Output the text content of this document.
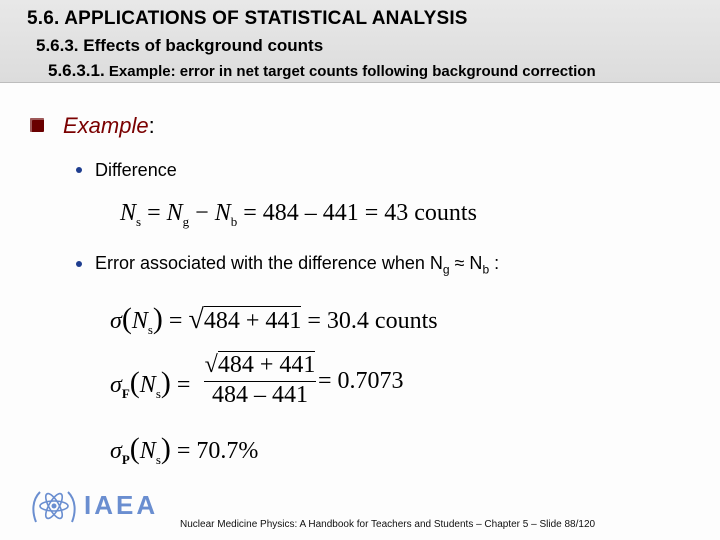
5.6. APPLICATIONS OF STATISTICAL ANALYSIS
5.6.3. Effects of background counts
5.6.3.1. Example: error in net target counts following background correction
Example:
Difference
$N_s = N_g - N_b = 484 - 441 = 43$ counts
Error associated with the difference when $N_g \approx N_b$ :
$\sigma(N_s) = √484 + 441 = 30.4$ counts
$\sigma_F(N_s)$ =
√484 + 441
484 – 441
= 0.7073
$\sigma_P(N_s) = 70.7\%$
IAEA
Nuclear Medicine Physics: A Handbook for Teachers and Students – Chapter 5 – Slide 88/120
